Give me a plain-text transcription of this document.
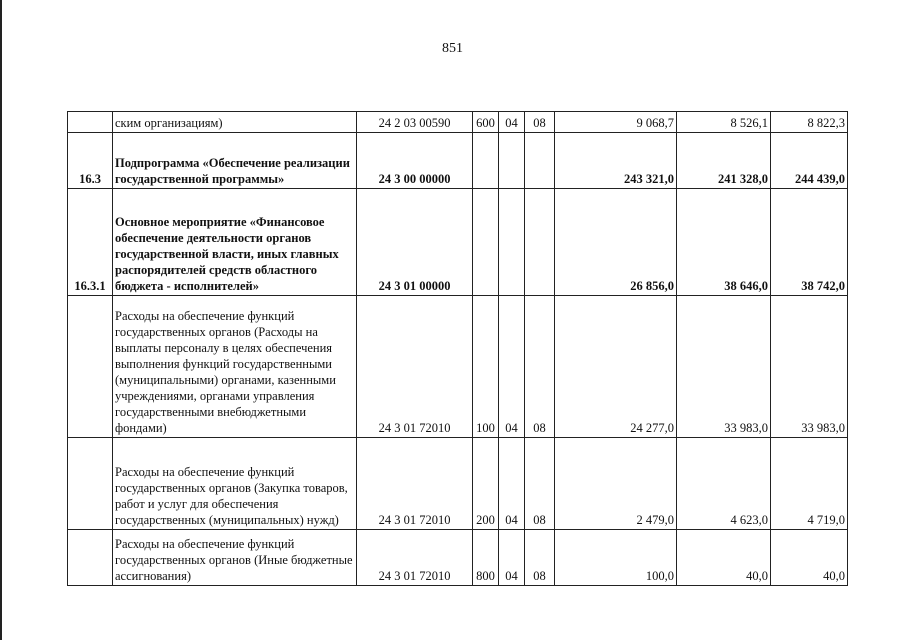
851
	ским организациям)	24 2 03 00590	600	04	08	9 068,7	8 526,1	8 822,3
16.3	Подпрограмма «Обеспечение реализации государственной программы»	24 3 00 00000				243 321,0	241 328,0	244 439,0
16.3.1	Основное мероприятие «Финансовое обеспечение деятельности органов государственной власти, иных главных распорядителей средств областного бюджета - исполнителей»	24 3 01 00000				26 856,0	38 646,0	38 742,0
	Расходы на обеспечение функций государственных органов (Расходы на выплаты персоналу в целях обеспечения выполнения функций государственными (муниципальными) органами, казенными учреждениями, органами управления государственными внебюджетными фондами)	24 3 01 72010	100	04	08	24 277,0	33 983,0	33 983,0
	Расходы на обеспечение функций государственных органов (Закупка товаров, работ и услуг для обеспечения государственных (муниципальных) нужд)	24 3 01 72010	200	04	08	2 479,0	4 623,0	4 719,0
	Расходы на обеспечение функций государственных органов (Иные бюджетные ассигнования)	24 3 01 72010	800	04	08	100,0	40,0	40,0
